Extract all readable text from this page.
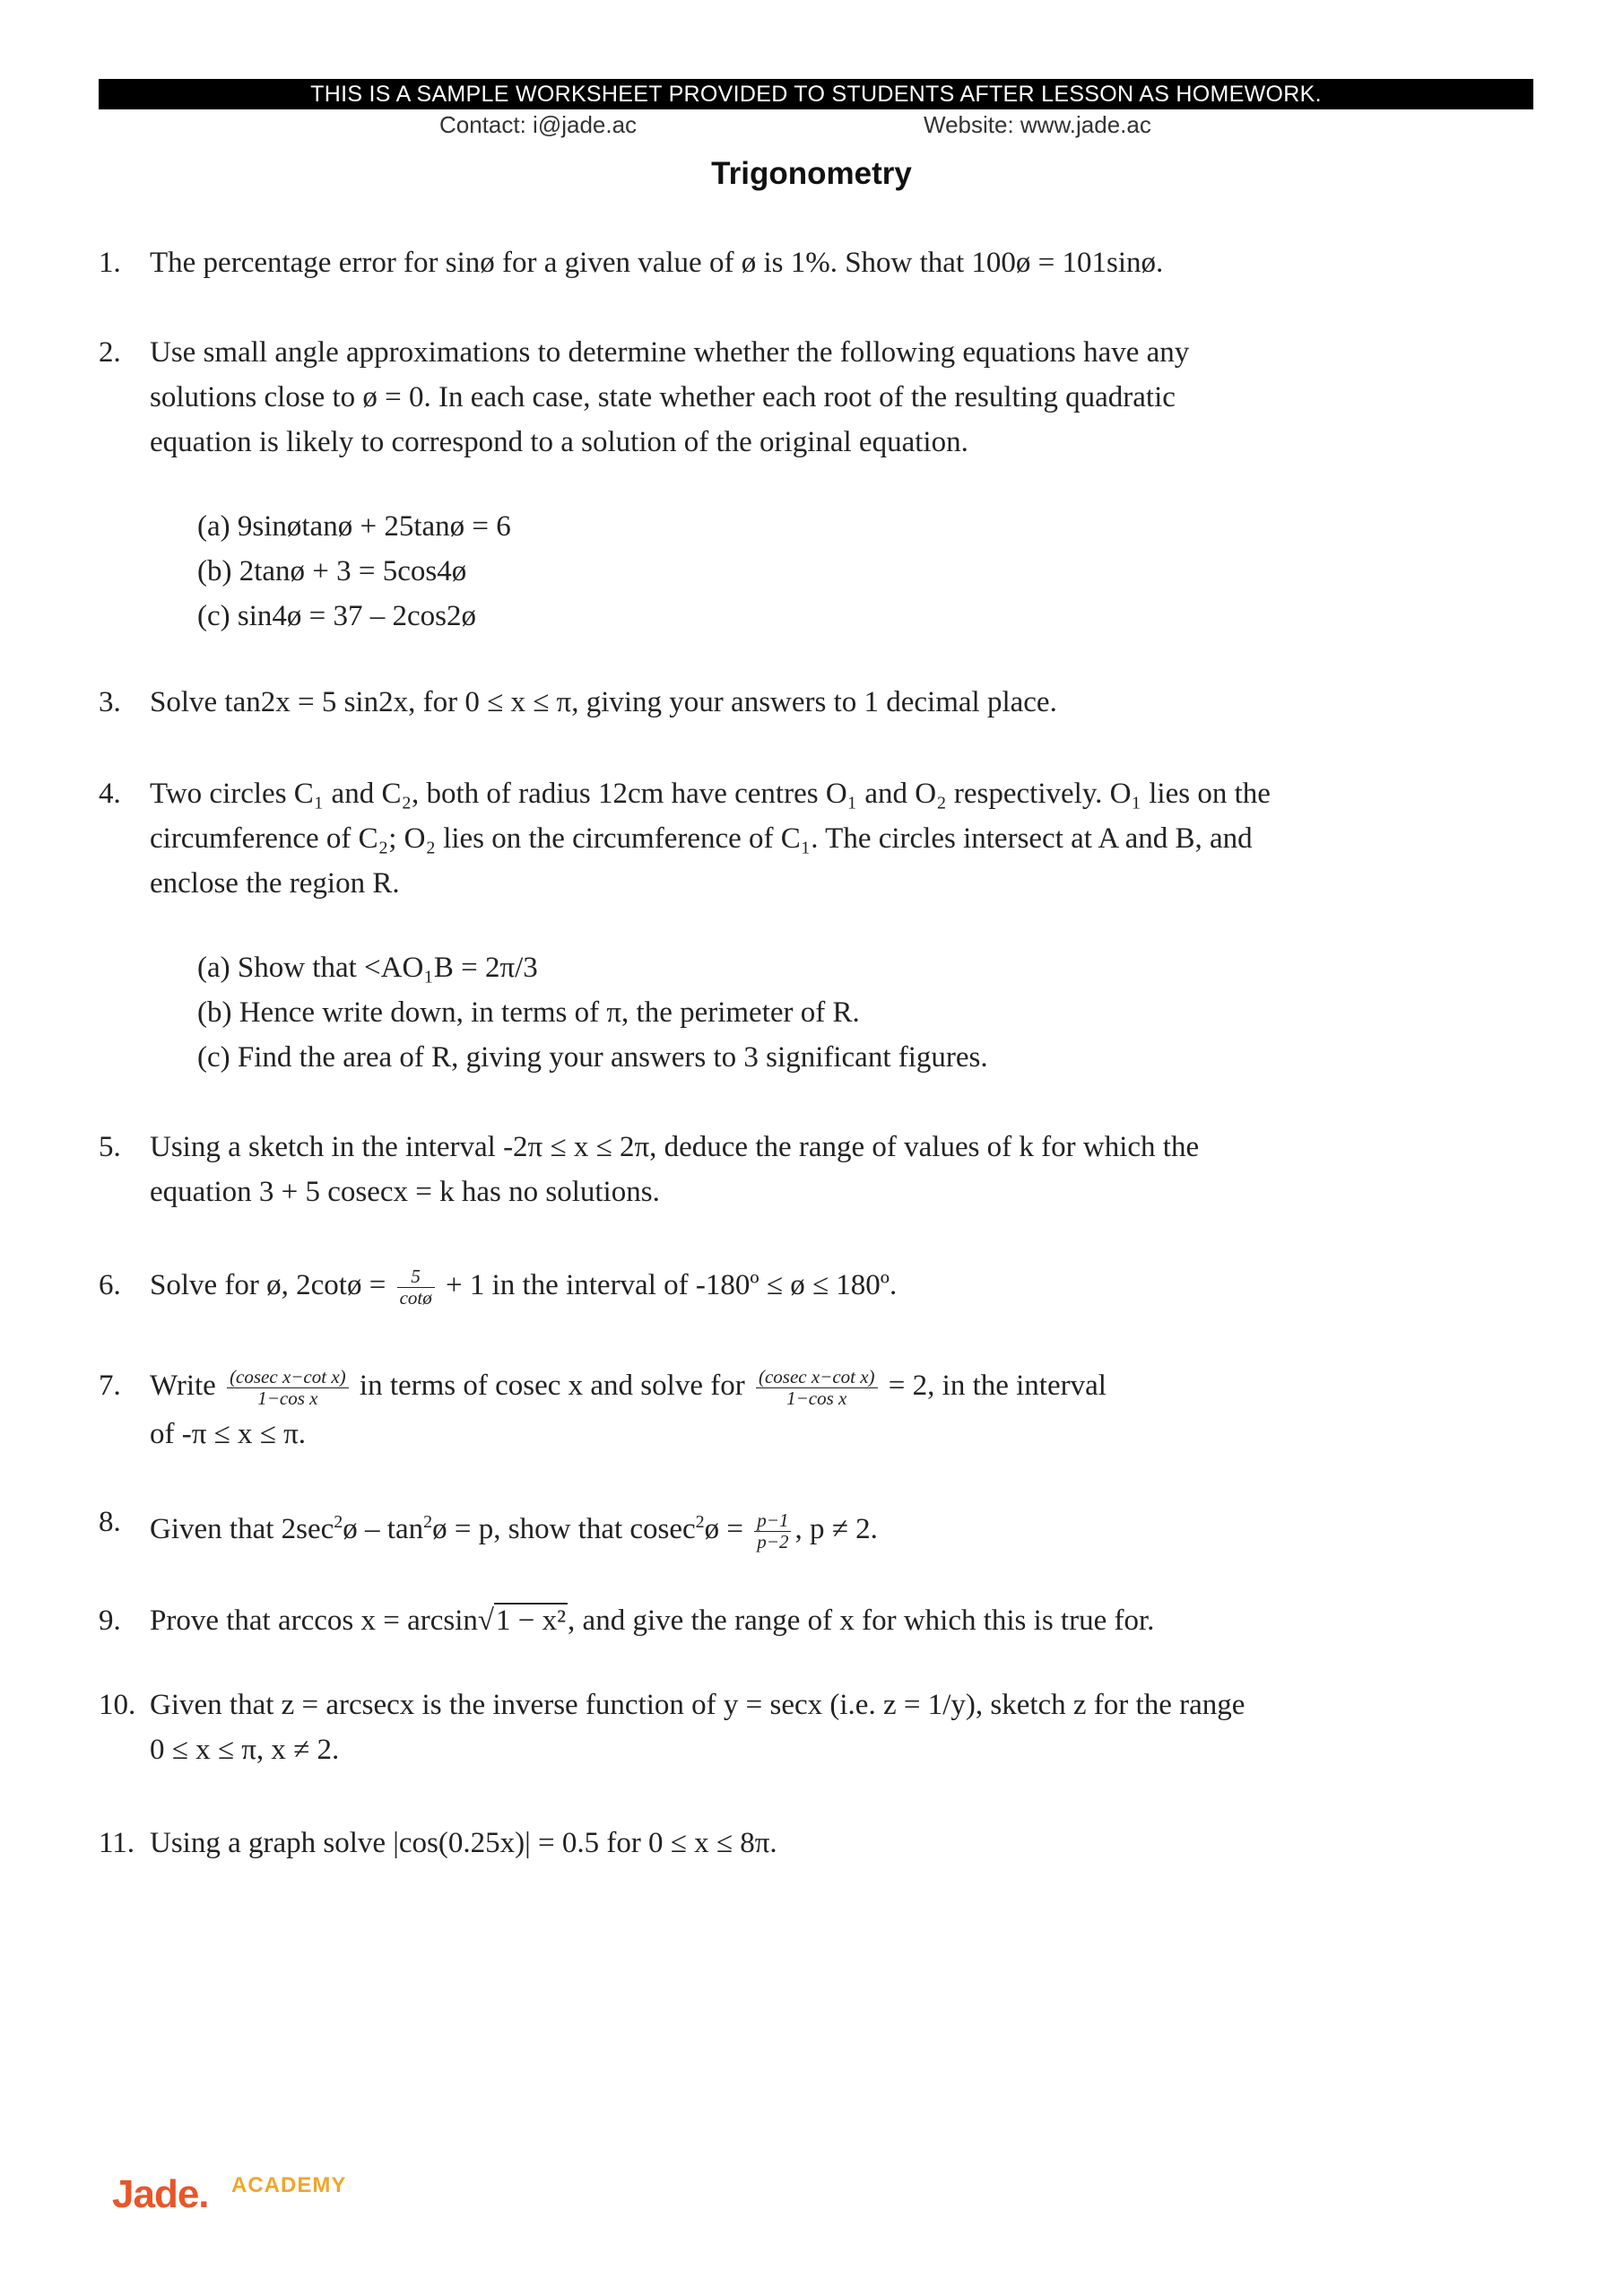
THIS IS A SAMPLE WORKSHEET PROVIDED TO STUDENTS AFTER LESSON AS HOMEWORK.
Contact: i@jade.ac	Website: www.jade.ac
Trigonometry
1. The percentage error for sinø for a given value of ø is 1%. Show that 100ø = 101sinø.
2. Use small angle approximations to determine whether the following equations have any
solutions close to ø = 0. In each case, state whether each root of the resulting quadratic
equation is likely to correspond to a solution of the original equation.
(a) 9sinøtanø + 25tanø = 6
(b) 2tanø + 3 = 5cos4ø
(c) sin4ø = 37 – 2cos2ø
3. Solve tan2x = 5 sin2x, for 0 ≤ x ≤ π, giving your answers to 1 decimal place.
4. Two circles C₁ and C₂, both of radius 12cm have centres O₁ and O₂ respectively. O₁ lies on the
circumference of C₂; O₂ lies on the circumference of C₁. The circles intersect at A and B, and
enclose the region R.
(a) Show that <AO₁B = 2π/3
(b) Hence write down, in terms of π, the perimeter of R.
(c) Find the area of R, giving your answers to 3 significant figures.
5. Using a sketch in the interval -2π ≤ x ≤ 2π, deduce the range of values of k for which the
equation 3 + 5 cosecx = k has no solutions.
6. Solve for ø, 2cotø = $\frac{5}{\cot ø} + 1$ in the interval of -180º ≤ ø ≤ 180º.
7. Write $\frac{\text{(cosec x−cot x)}}{\text{1−cos x}}$ in terms of cosec x and solve for $\frac{\text{(cosec x−cot x)}}{\text{1−cos x}} = 2$, in the interval
of -π ≤ x ≤ π.
8. Given that $2\sec^2ø$ – $\tan^2ø = p$, show that cosec$^2$ø = $\frac{p-1}{p-2}$ , p ≠ 2.
9. Prove that arccos x = arcsin√1 − x², and give the range of x for which this is true for.
10. Given that z = arcsecx is the inverse function of y = secx (i.e. z = 1/y), sketch z for the range
0 ≤ x ≤ π, x ≠ 2.
11. Using a graph solve |cos(0.25x)| = 0.5 for 0 ≤ x ≤ 8π.
Jade. ACADEMY
